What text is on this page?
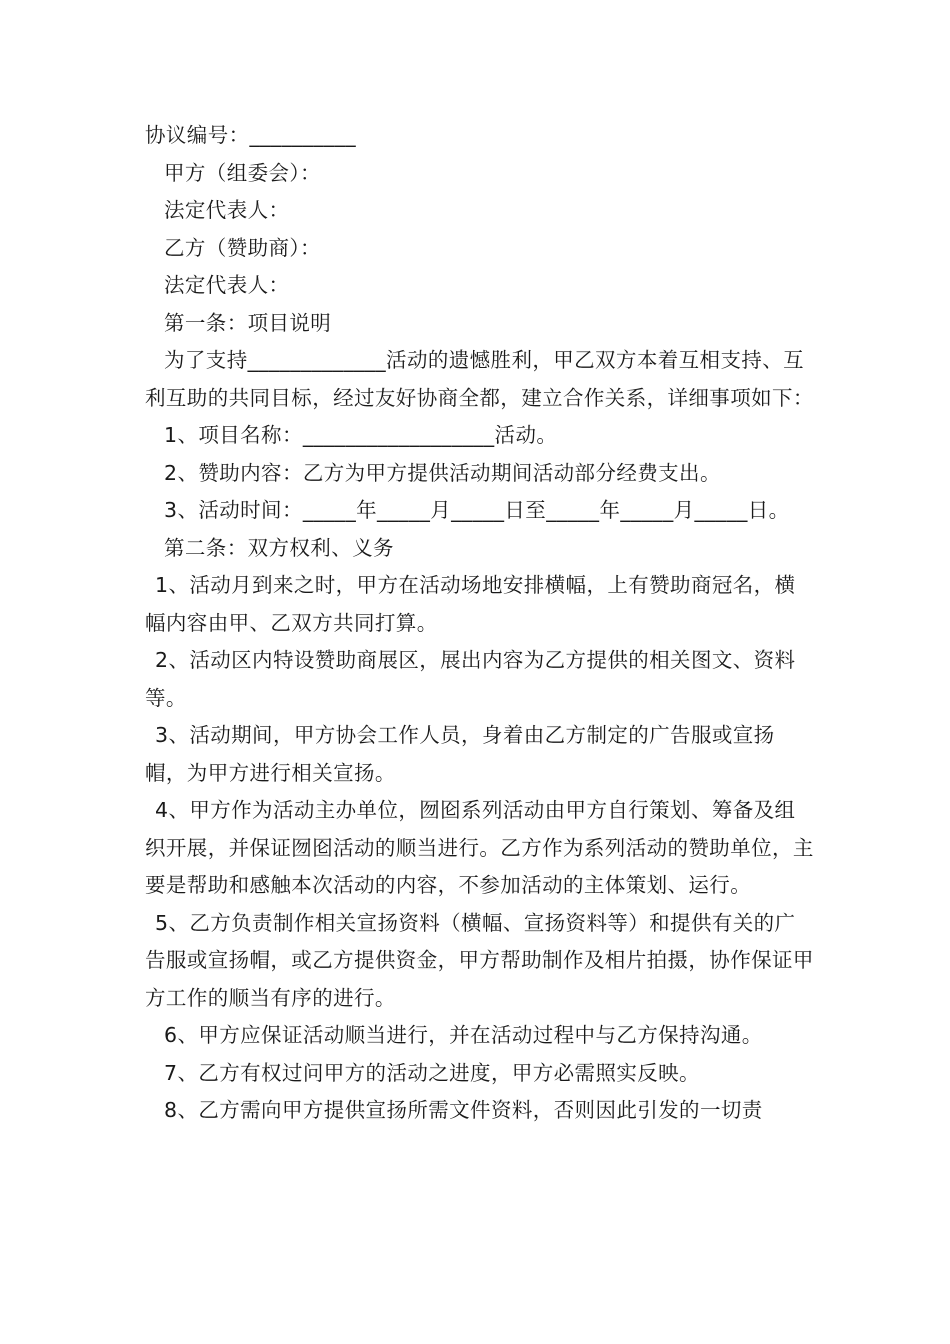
协议编号：__________
甲方（组委会）：
法定代表人：
乙方（赞助商）：
法定代表人：
第一条：项目说明
为了支持_____________活动的遗憾胜利，甲乙双方本着互相支持、互利互助的共同目标，经过友好协商全都，建立合作关系，详细事项如下：
1、项目名称：__________________活动。
2、赞助内容：乙方为甲方提供活动期间活动部分经费支出。
3、活动时间：_____年_____月_____日至_____年_____月_____日。
第二条：双方权利、义务
1、活动月到来之时，甲方在活动场地安排横幅，上有赞助商冠名，横幅内容由甲、乙双方共同打算。
2、活动区内特设赞助商展区，展出内容为乙方提供的相关图文、资料等。
3、活动期间，甲方协会工作人员，身着由乙方制定的广告服或宣扬帽，为甲方进行相关宣扬。
4、甲方作为活动主办单位，囫囵系列活动由甲方自行策划、筹备及组织开展，并保证囫囵活动的顺当进行。乙方作为系列活动的赞助单位，主要是帮助和感触本次活动的内容，不参加活动的主体策划、运行。
5、乙方负责制作相关宣扬资料（横幅、宣扬资料等）和提供有关的广告服或宣扬帽，或乙方提供资金，甲方帮助制作及相片拍摄，协作保证甲方工作的顺当有序的进行。
6、甲方应保证活动顺当进行，并在活动过程中与乙方保持沟通。
7、乙方有权过问甲方的活动之进度，甲方必需照实反映。
8、乙方需向甲方提供宣扬所需文件资料，否则因此引发的一切责
